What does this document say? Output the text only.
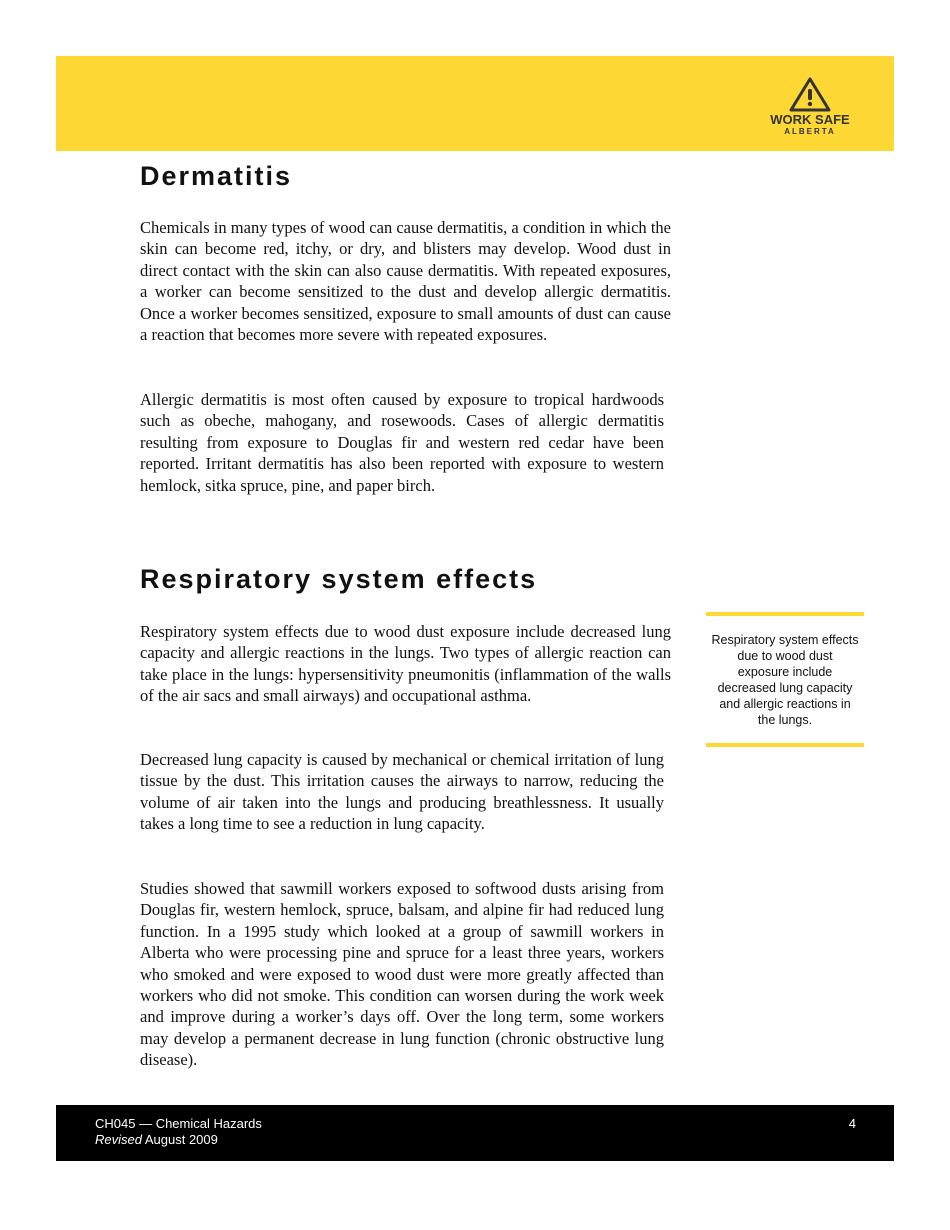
WORK SAFE
ALBERTA
Dermatitis

Chemicals in many types of wood can cause dermatitis, a condition in which the skin can become red, itchy, or dry, and blisters may develop. Wood dust in direct contact with the skin can also cause dermatitis. With repeated exposures, a worker can become sensitized to the dust and develop allergic dermatitis. Once a worker becomes sensitized, exposure to small amounts of dust can cause a reaction that becomes more severe with repeated exposures.

Allergic dermatitis is most often caused by exposure to tropical hardwoods such as obeche, mahogany, and rosewoods. Cases of allergic dermatitis resulting from exposure to Douglas fir and western red cedar have been reported. Irritant dermatitis has also been reported with exposure to western hemlock, sitka spruce, pine, and paper birch.

Respiratory system effects

Respiratory system effects due to wood dust exposure include decreased lung capacity and allergic reactions in the lungs. Two types of allergic reaction can take place in the lungs: hypersensitivity pneumonitis (inflammation of the walls of the air sacs and small airways) and occupational asthma.

Decreased lung capacity is caused by mechanical or chemical irritation of lung tissue by the dust. This irritation causes the airways to narrow, reducing the volume of air taken into the lungs and producing breathlessness. It usually takes a long time to see a reduction in lung capacity.

Studies showed that sawmill workers exposed to softwood dusts arising from Douglas fir, western hemlock, spruce, balsam, and alpine fir had reduced lung function. In a 1995 study which looked at a group of sawmill workers in Alberta who were processing pine and spruce for a least three years, workers who smoked and were exposed to wood dust were more greatly affected than workers who did not smoke. This condition can worsen during the work week and improve during a worker’s days off. Over the long term, some workers may develop a permanent decrease in lung function (chronic obstructive lung disease).

Respiratory system effects due to wood dust exposure include decreased lung capacity and allergic reactions in the lungs.

CH045 — Chemical Hazards
Revised August 2009
4
